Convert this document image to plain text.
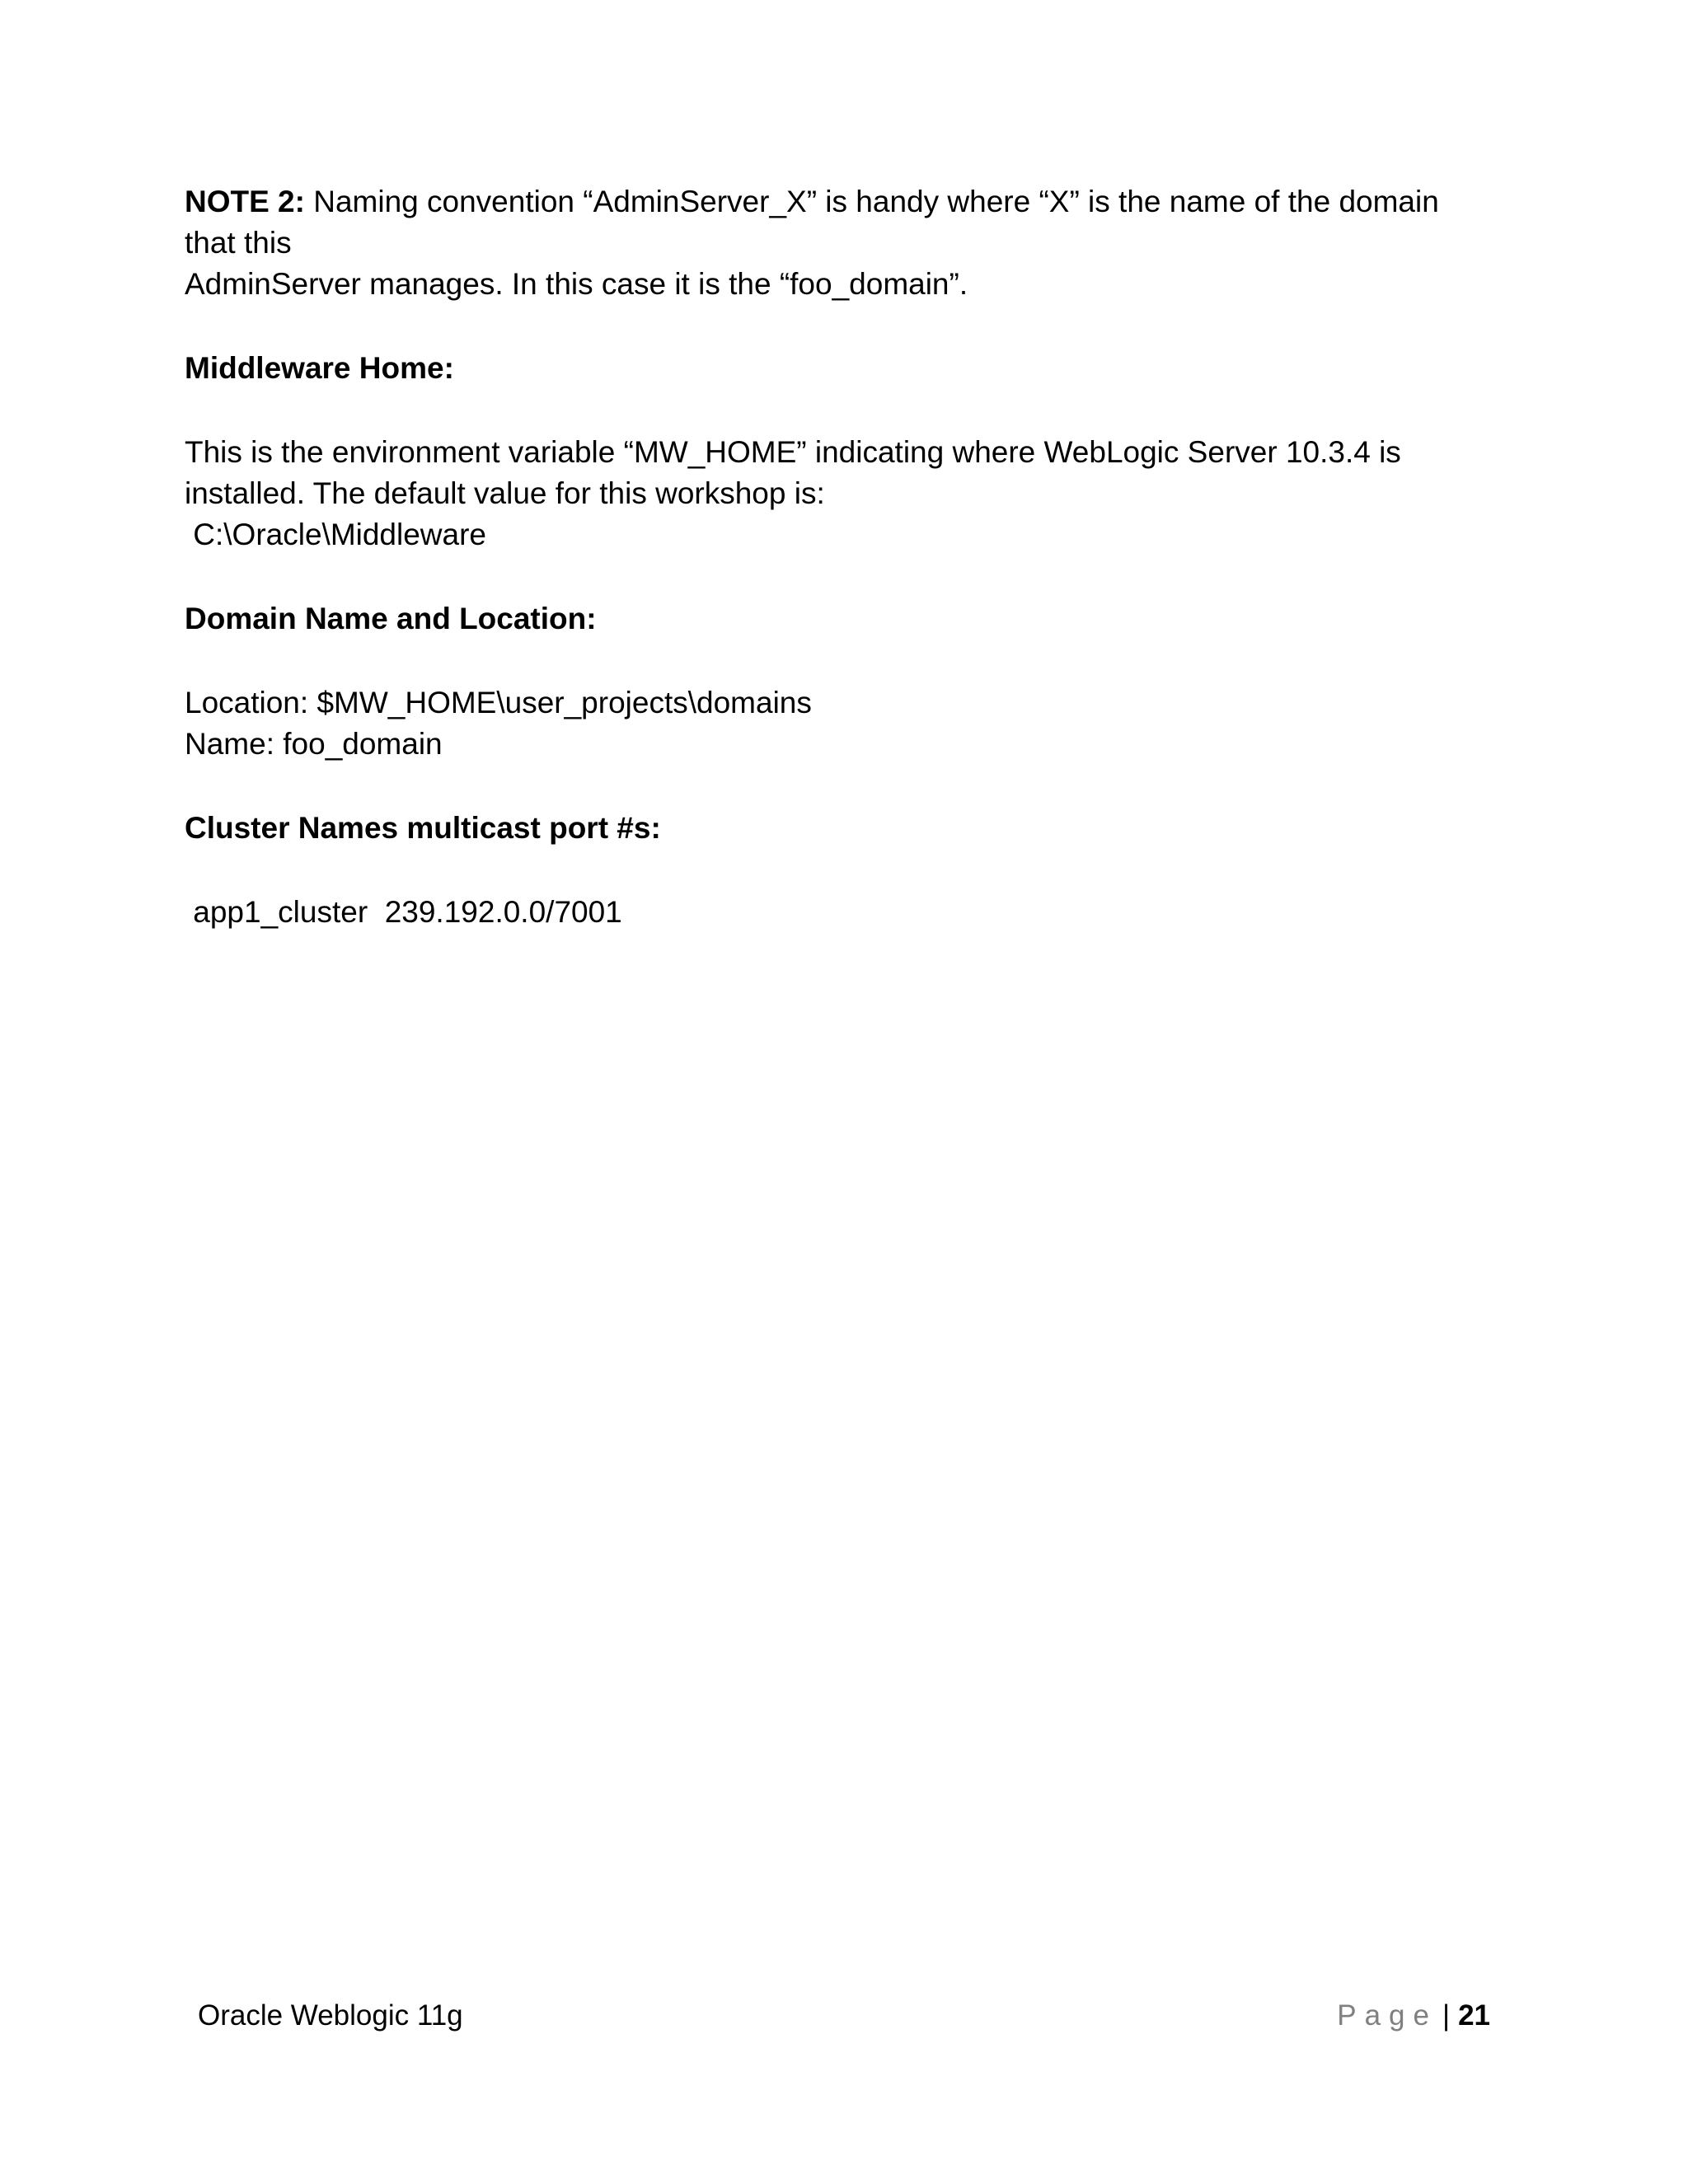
NOTE 2: Naming convention “AdminServer_X” is handy where “X” is the name of the domain
that this
AdminServer manages. In this case it is the “foo_domain”.
Middleware Home:
This is the environment variable “MW_HOME” indicating where WebLogic Server 10.3.4 is
installed. The default value for this workshop is:
C:\Oracle\Middleware
Domain Name and Location:
Location: $MW_HOME\user_projects\domains
Name: foo_domain
Cluster Names multicast port #s:
app1_cluster  239.192.0.0/7001
Oracle Weblogic 11g	Page | 21
